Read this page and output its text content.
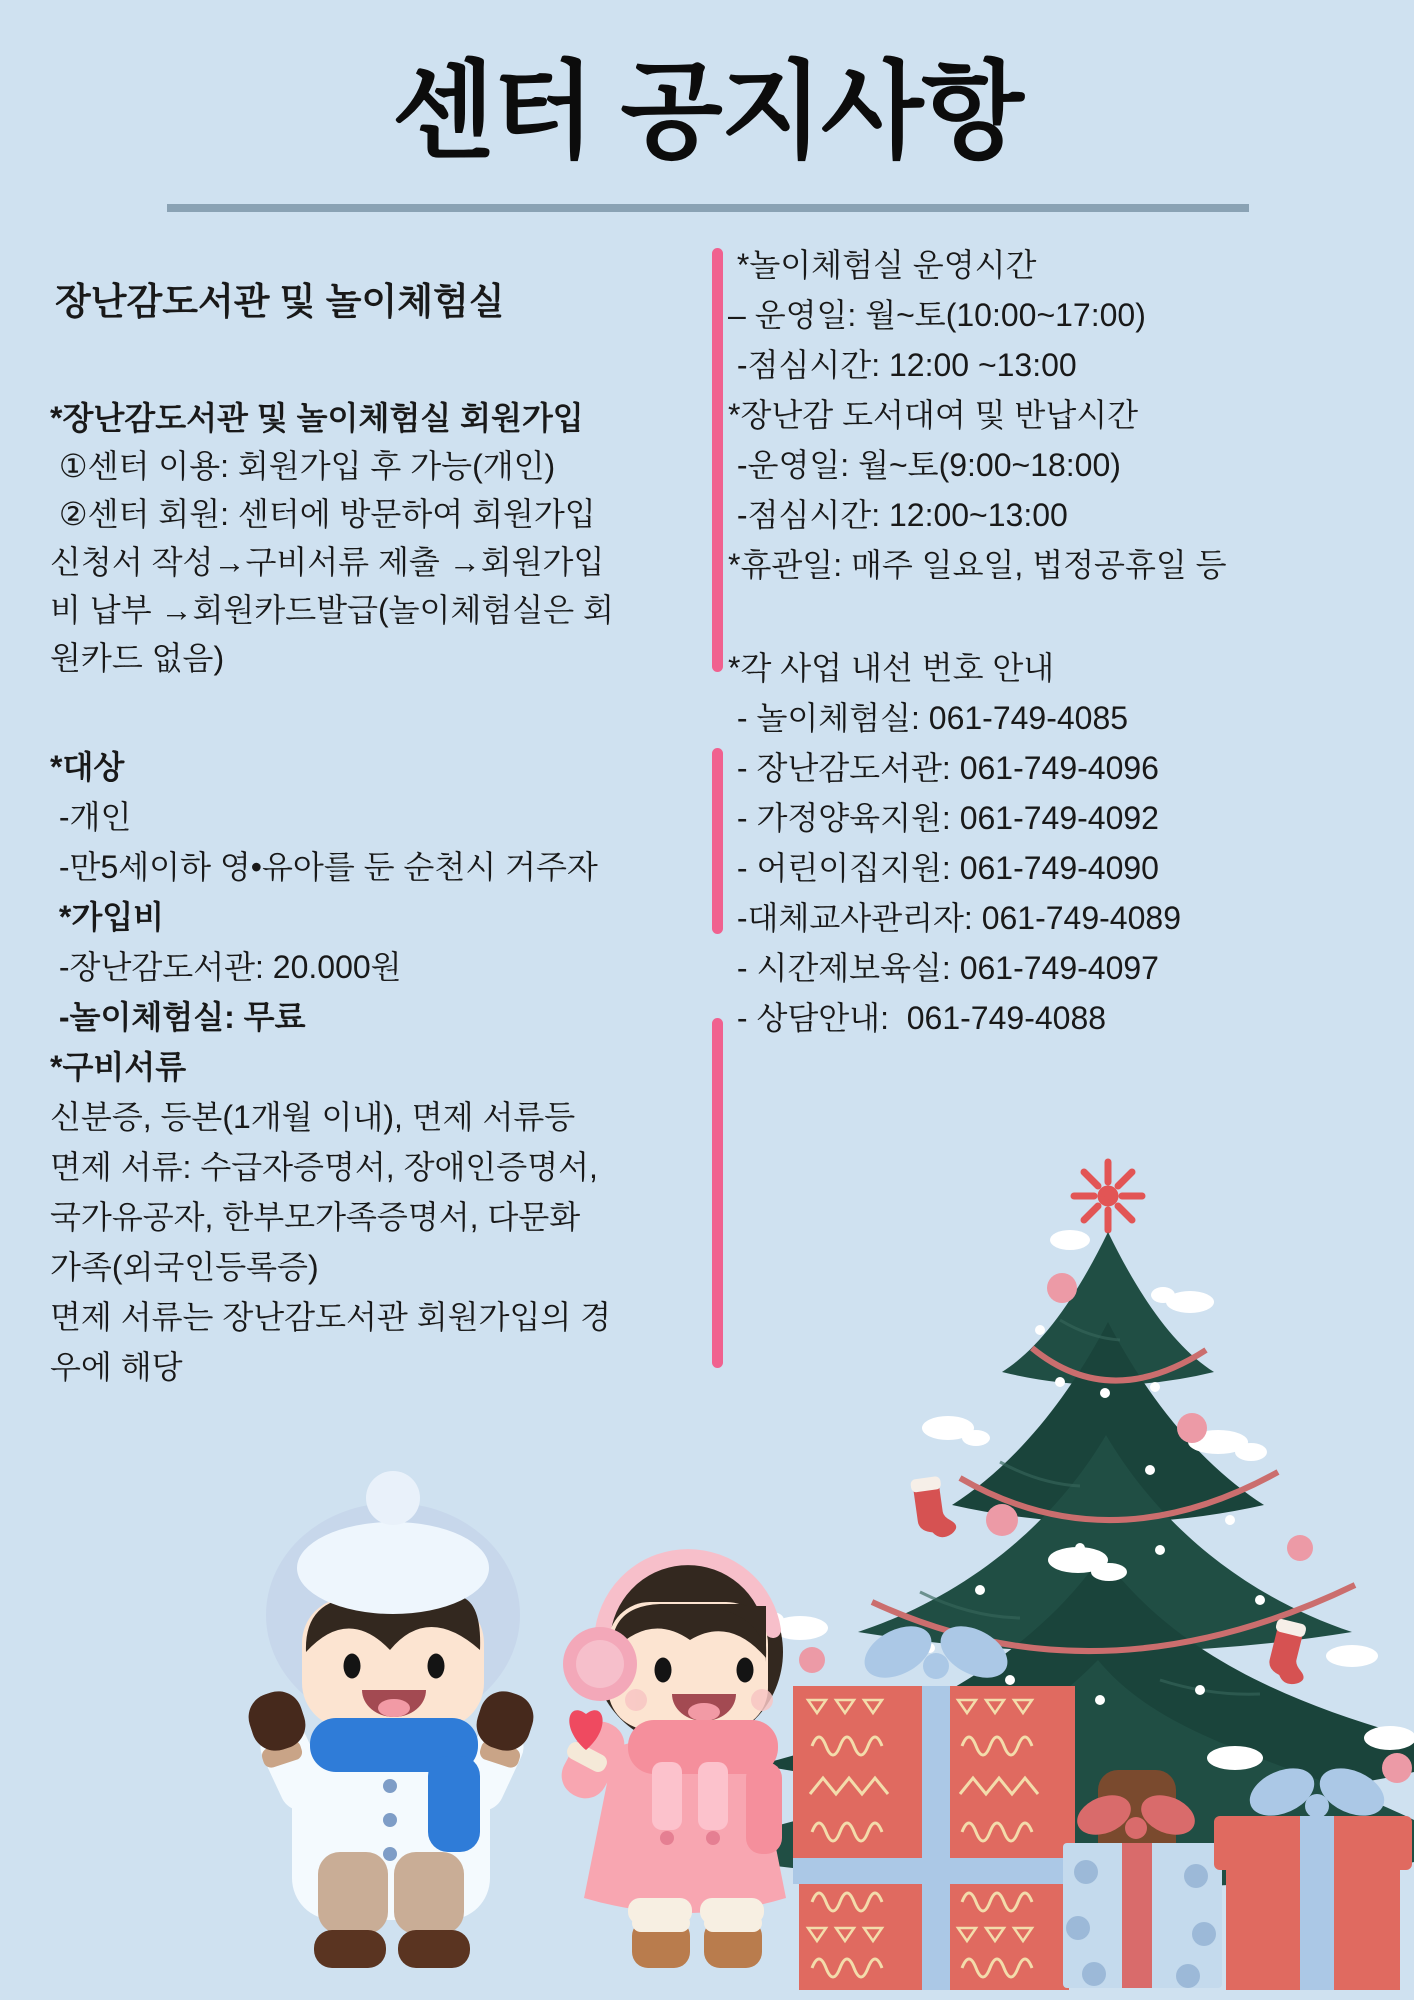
센터 공지사항
장난감도서관 및 놀이체험실
*장난감도서관 및 놀이체험실 회원가입
①센터 이용: 회원가입 후 가능(개인)
②센터 회원: 센터에 방문하여 회원가입
신청서 작성→구비서류 제출 →회원가입
비 납부 →회원카드발급(놀이체험실은 회
원카드 없음)
*대상
-개인
-만5세이하 영•유아를 둔 순천시 거주자
*가입비
-장난감도서관: 20.000원
-놀이체험실: 무료
*구비서류
신분증, 등본(1개월 이내), 면제 서류등
면제 서류: 수급자증명서, 장애인증명서,
국가유공자, 한부모가족증명서, 다문화
가족(외국인등록증)
면제 서류는 장난감도서관 회원가입의 경
우에 해당
*놀이체험실 운영시간
– 운영일: 월~토(10:00~17:00)
-점심시간: 12:00 ~13:00
*장난감 도서대여 및 반납시간
-운영일: 월~토(9:00~18:00)
-점심시간: 12:00~13:00
*휴관일: 매주 일요일, 법정공휴일 등
*각 사업 내선 번호 안내
- 놀이체험실: 061-749-4085
- 장난감도서관: 061-749-4096
- 가정양육지원: 061-749-4092
- 어린이집지원: 061-749-4090
-대체교사관리자: 061-749-4089
- 시간제보육실: 061-749-4097
- 상담안내:  061-749-4088
